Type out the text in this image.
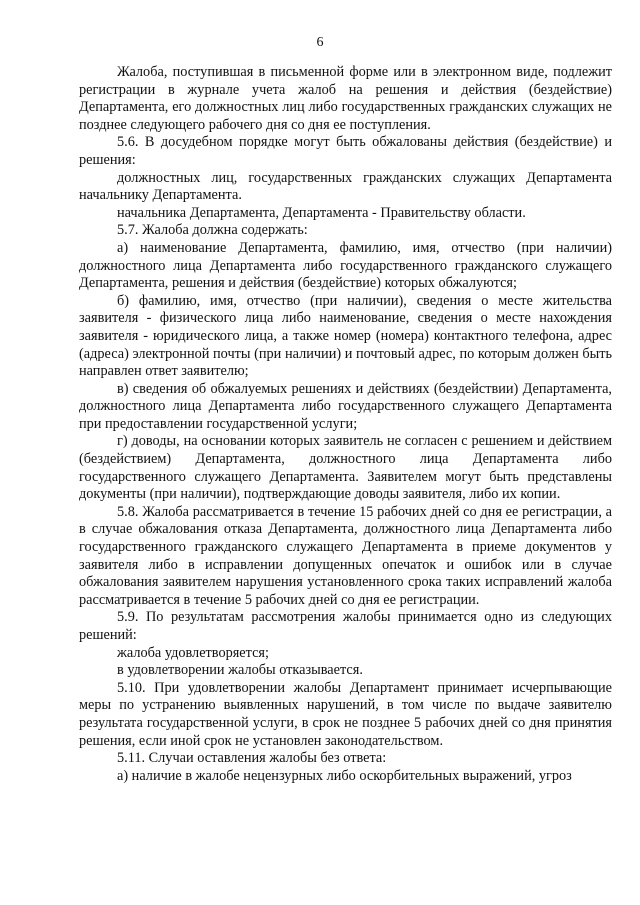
6

Жалоба, поступившая в письменной форме или в электронном виде, подлежит регистрации в журнале учета жалоб на решения и действия (бездействие) Департамента, его должностных лиц либо государственных гражданских служащих не позднее следующего рабочего дня со дня ее поступления.

5.6. В досудебном порядке могут быть обжалованы действия (бездействие) и решения:

должностных лиц, государственных гражданских служащих Департамента начальнику Департамента.

начальника Департамента, Департамента - Правительству области.

5.7. Жалоба должна содержать:

а) наименование Департамента, фамилию, имя, отчество (при наличии) должностного лица Департамента либо государственного гражданского служащего Департамента, решения и действия (бездействие) которых обжалуются;

б) фамилию, имя, отчество (при наличии), сведения о месте жительства заявителя - физического лица либо наименование, сведения о месте нахождения заявителя - юридического лица, а также номер (номера) контактного телефона, адрес (адреса) электронной почты (при наличии) и почтовый адрес, по которым должен быть направлен ответ заявителю;

в) сведения об обжалуемых решениях и действиях (бездействии) Департамента, должностного лица Департамента либо государственного служащего Департамента при предоставлении государственной услуги;

г) доводы, на основании которых заявитель не согласен с решением и действием (бездействием) Департамента, должностного лица Департамента либо государственного служащего Департамента. Заявителем могут быть представлены документы (при наличии), подтверждающие доводы заявителя, либо их копии.

5.8. Жалоба рассматривается в течение 15 рабочих дней со дня ее регистрации, а в случае обжалования отказа Департамента, должностного лица Департамента либо государственного гражданского служащего Департамента в приеме документов у заявителя либо в исправлении допущенных опечаток и ошибок или в случае обжалования заявителем нарушения установленного срока таких исправлений жалоба рассматривается в течение 5 рабочих дней со дня ее регистрации.

5.9. По результатам рассмотрения жалобы принимается одно из следующих решений:

жалоба удовлетворяется;

в удовлетворении жалобы отказывается.

5.10. При удовлетворении жалобы Департамент принимает исчерпывающие меры по устранению выявленных нарушений, в том числе по выдаче заявителю результата государственной услуги, в срок не позднее 5 рабочих дней со дня принятия решения, если иной срок не установлен законодательством.

5.11. Случаи оставления жалобы без ответа:

а) наличие в жалобе нецензурных либо оскорбительных выражений, угроз
